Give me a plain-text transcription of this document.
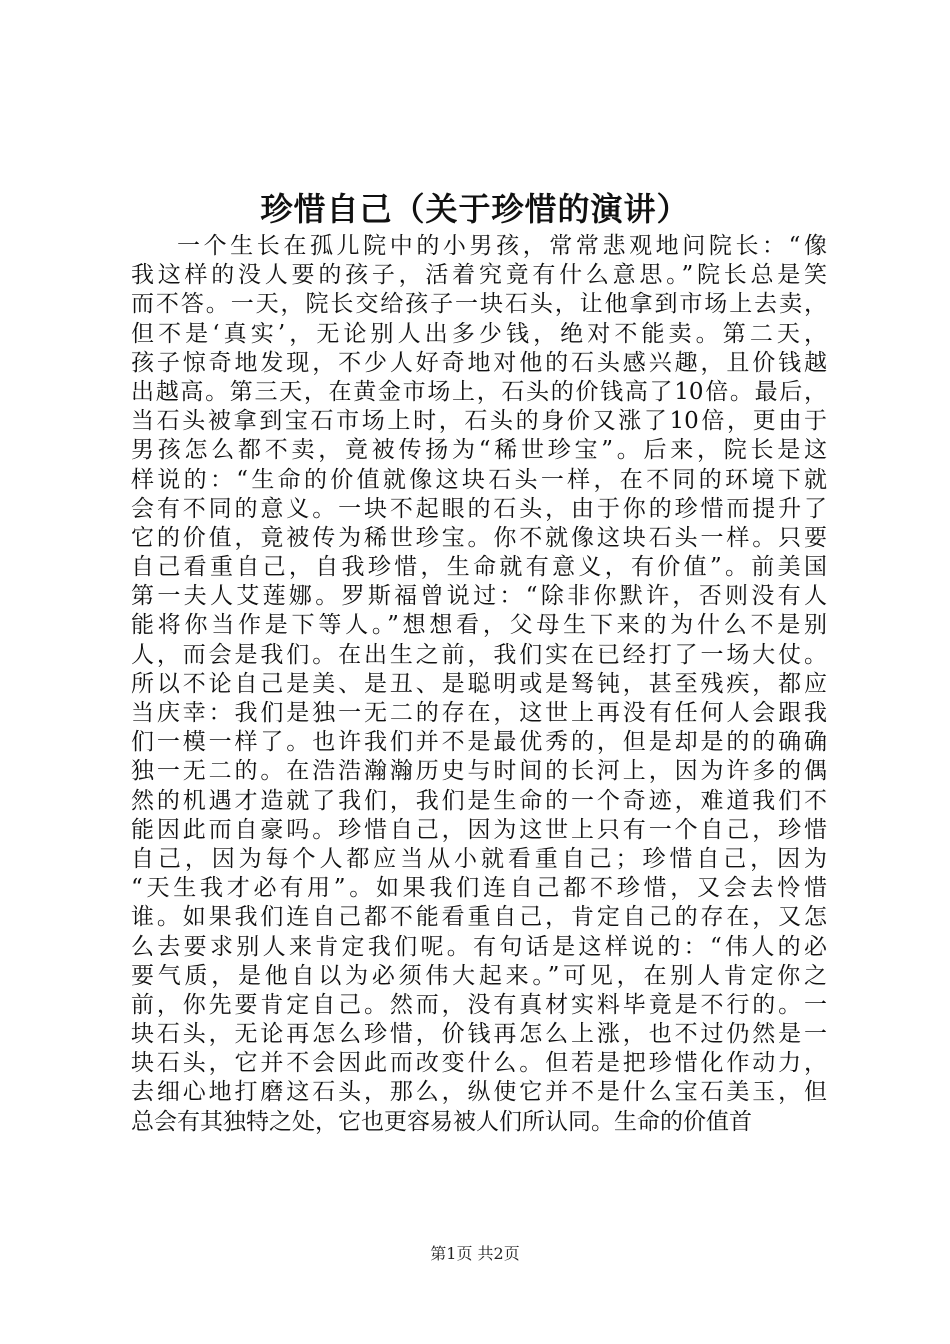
珍惜自己（关于珍惜的演讲）
一个生长在孤儿院中的小男孩，常常悲观地问院长：“像
我这样的没人要的孩子，活着究竟有什么意思。”院长总是笑
而不答。一天，院长交给孩子一块石头，让他拿到市场上去卖，
但不是‘真实’，无论别人出多少钱，绝对不能卖。第二天，
孩子惊奇地发现，不少人好奇地对他的石头感兴趣，且价钱越
出越高。第三天，在黄金市场上，石头的价钱高了10倍。最后，
当石头被拿到宝石市场上时，石头的身价又涨了10倍，更由于
男孩怎么都不卖，竟被传扬为“稀世珍宝”。后来，院长是这
样说的：“生命的价值就像这块石头一样，在不同的环境下就
会有不同的意义。一块不起眼的石头，由于你的珍惜而提升了
它的价值，竟被传为稀世珍宝。你不就像这块石头一样。只要
自己看重自己，自我珍惜，生命就有意义，有价值”。前美国
第一夫人艾莲娜。罗斯福曾说过：“除非你默许，否则没有人
能将你当作是下等人。”想想看，父母生下来的为什么不是别
人，而会是我们。在出生之前，我们实在已经打了一场大仗。
所以不论自己是美、是丑、是聪明或是驽钝，甚至残疾，都应
当庆幸：我们是独一无二的存在，这世上再没有任何人会跟我
们一模一样了。也许我们并不是最优秀的，但是却是的的确确
独一无二的。在浩浩瀚瀚历史与时间的长河上，因为许多的偶
然的机遇才造就了我们，我们是生命的一个奇迹，难道我们不
能因此而自豪吗。珍惜自己，因为这世上只有一个自己，珍惜
自己，因为每个人都应当从小就看重自己；珍惜自己，因为
“天生我才必有用”。如果我们连自己都不珍惜，又会去怜惜
谁。如果我们连自己都不能看重自己，肯定自己的存在，又怎
么去要求别人来肯定我们呢。有句话是这样说的：“伟人的必
要气质，是他自以为必须伟大起来。”可见，在别人肯定你之
前，你先要肯定自己。然而，没有真材实料毕竟是不行的。一
块石头，无论再怎么珍惜，价钱再怎么上涨，也不过仍然是一
块石头，它并不会因此而改变什么。但若是把珍惜化作动力，
去细心地打磨这石头，那么，纵使它并不是什么宝石美玉，但
总会有其独特之处，它也更容易被人们所认同。生命的价值首
第1页 共2页
